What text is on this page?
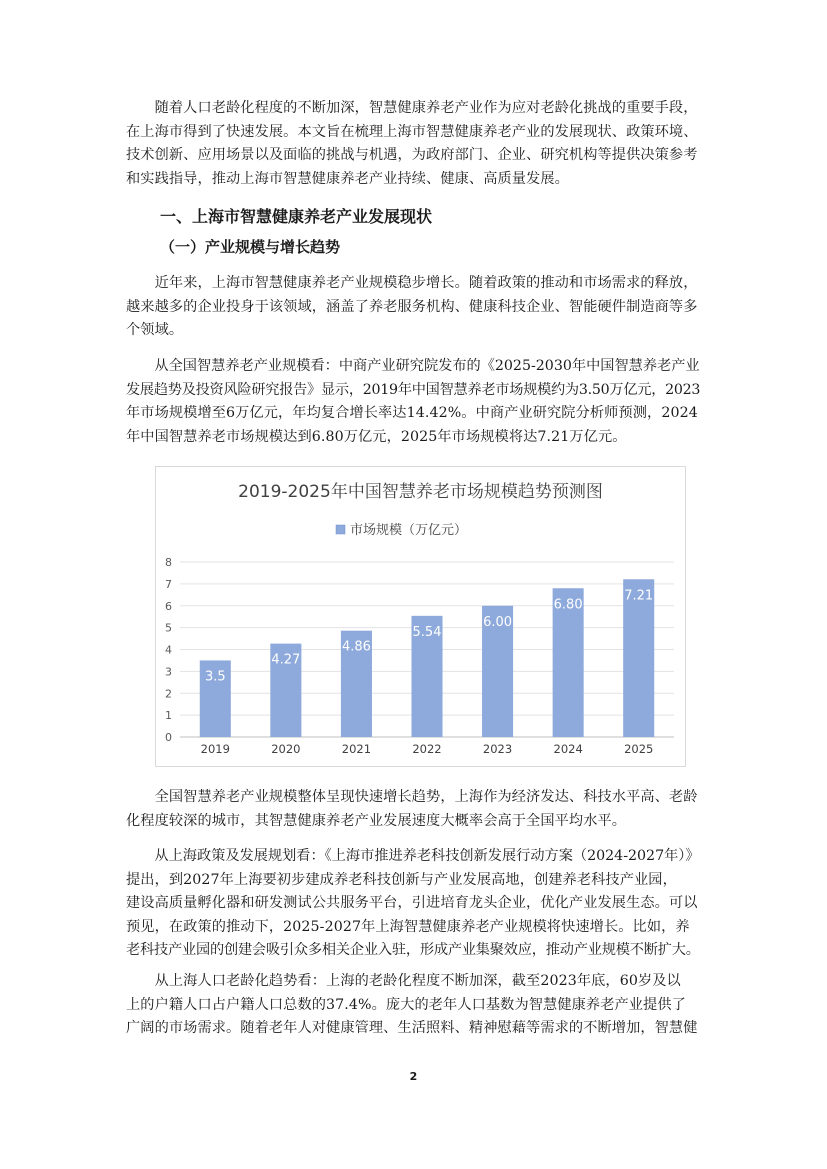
　　随着人口老龄化程度的不断加深，智慧健康养老产业作为应对老龄化挑战的重要手段，
在上海市得到了快速发展。本文旨在梳理上海市智慧健康养老产业的发展现状、政策环境、
技术创新、应用场景以及面临的挑战与机遇，为政府部门、企业、研究机构等提供决策参考
和实践指导，推动上海市智慧健康养老产业持续、健康、高质量发展。

一、上海市智慧健康养老产业发展现状
（一）产业规模与增长趋势

　　近年来，上海市智慧健康养老产业规模稳步增长。随着政策的推动和市场需求的释放，
越来越多的企业投身于该领域，涵盖了养老服务机构、健康科技企业、智能硬件制造商等多
个领域。

　　从全国智慧养老产业规模看：中商产业研究院发布的《2025-2030年中国智慧养老产业
发展趋势及投资风险研究报告》显示，2019年中国智慧养老市场规模约为3.50万亿元，2023
年市场规模增至6万亿元，年均复合增长率达14.42%。中商产业研究院分析师预测，2024
年中国智慧养老市场规模达到6.80万亿元，2025年市场规模将达7.21万亿元。

2019-2025年中国智慧养老市场规模趋势预测图
市场规模（万亿元）
0
1
2
3
4
5
6
7
8
3.5
2019
4.27
2020
4.86
2021
5.54
2022
6.00
2023
6.80
2024
7.21
2025

　　全国智慧养老产业规模整体呈现快速增长趋势，上海作为经济发达、科技水平高、老龄
化程度较深的城市，其智慧健康养老产业发展速度大概率会高于全国平均水平。

　　从上海政策及发展规划看：《上海市推进养老科技创新发展行动方案（2024-2027年）》
提出，到2027年上海要初步建成养老科技创新与产业发展高地，创建养老科技产业园，
建设高质量孵化器和研发测试公共服务平台，引进培育龙头企业，优化产业发展生态。可以
预见，在政策的推动下，2025-2027年上海智慧健康养老产业规模将快速增长。比如，养
老科技产业园的创建会吸引众多相关企业入驻，形成产业集聚效应，推动产业规模不断扩大。

　　从上海人口老龄化趋势看：上海的老龄化程度不断加深，截至2023年底，60岁及以
上的户籍人口占户籍人口总数的37.4%。庞大的老年人口基数为智慧健康养老产业提供了
广阔的市场需求。随着老年人对健康管理、生活照料、精神慰藉等需求的不断增加，智慧健

2
